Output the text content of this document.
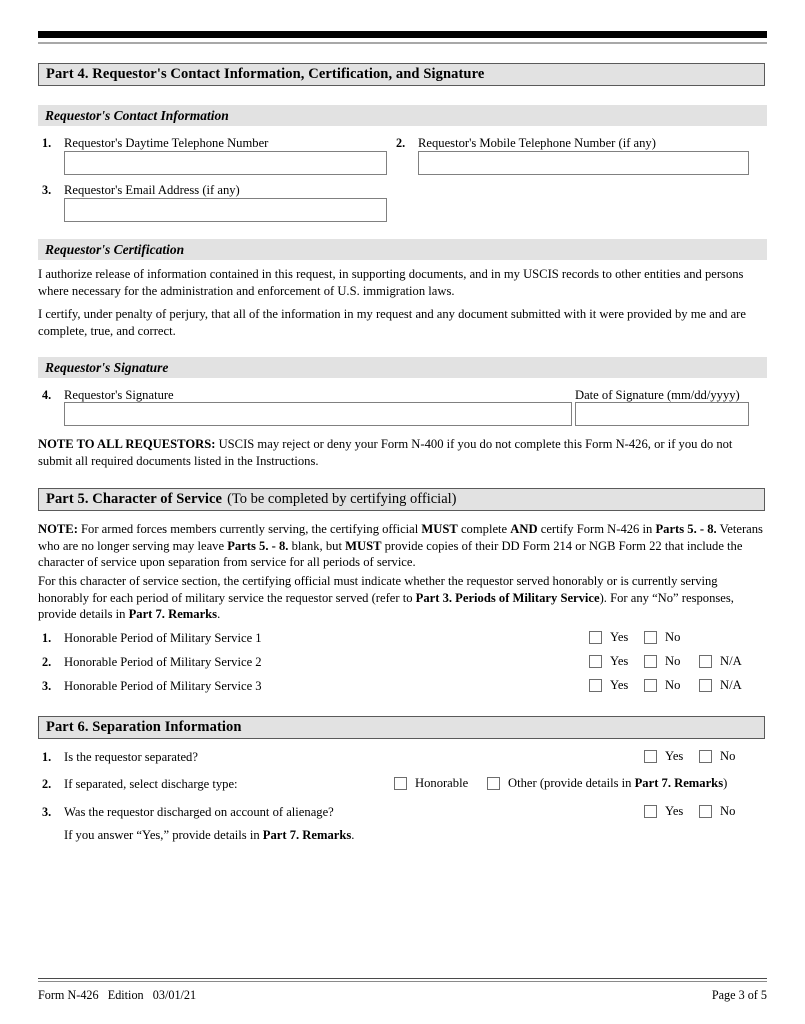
Part 4. Requestor's Contact Information, Certification, and Signature
Requestor's Contact Information
1. Requestor's Daytime Telephone Number	2. Requestor's Mobile Telephone Number (if any)
3. Requestor's Email Address (if any)
Requestor's Certification
I authorize release of information contained in this request, in supporting documents, and in my USCIS records to other entities and persons where necessary for the administration and enforcement of U.S. immigration laws.
I certify, under penalty of perjury, that all of the information in my request and any document submitted with it were provided by me and are complete, true, and correct.
Requestor's Signature
4. Requestor's Signature	Date of Signature (mm/dd/yyyy)
NOTE TO ALL REQUESTORS: USCIS may reject or deny your Form N-400 if you do not complete this Form N-426, or if you do not submit all required documents listed in the Instructions.
Part 5. Character of Service (To be completed by certifying official)
NOTE: For armed forces members currently serving, the certifying official MUST complete AND certify Form N-426 in Parts 5. - 8. Veterans who are no longer serving may leave Parts 5. - 8. blank, but MUST provide copies of their DD Form 214 or NGB Form 22 that include the character of service upon separation from service for all periods of service.
For this character of service section, the certifying official must indicate whether the requestor served honorably or is currently serving honorably for each period of military service the requestor served (refer to Part 3. Periods of Military Service). For any “No” responses, provide details in Part 7. Remarks.
1. Honorable Period of Military Service 1	Yes	No
2. Honorable Period of Military Service 2	Yes	No	N/A
3. Honorable Period of Military Service 3	Yes	No	N/A
Part 6. Separation Information
1. Is the requestor separated?	Yes	No
2. If separated, select discharge type:	Honorable	Other (provide details in Part 7. Remarks)
3. Was the requestor discharged on account of alienage?	Yes	No
If you answer “Yes,” provide details in Part 7. Remarks.
Form N-426 Edition 03/01/21	Page 3 of 5
